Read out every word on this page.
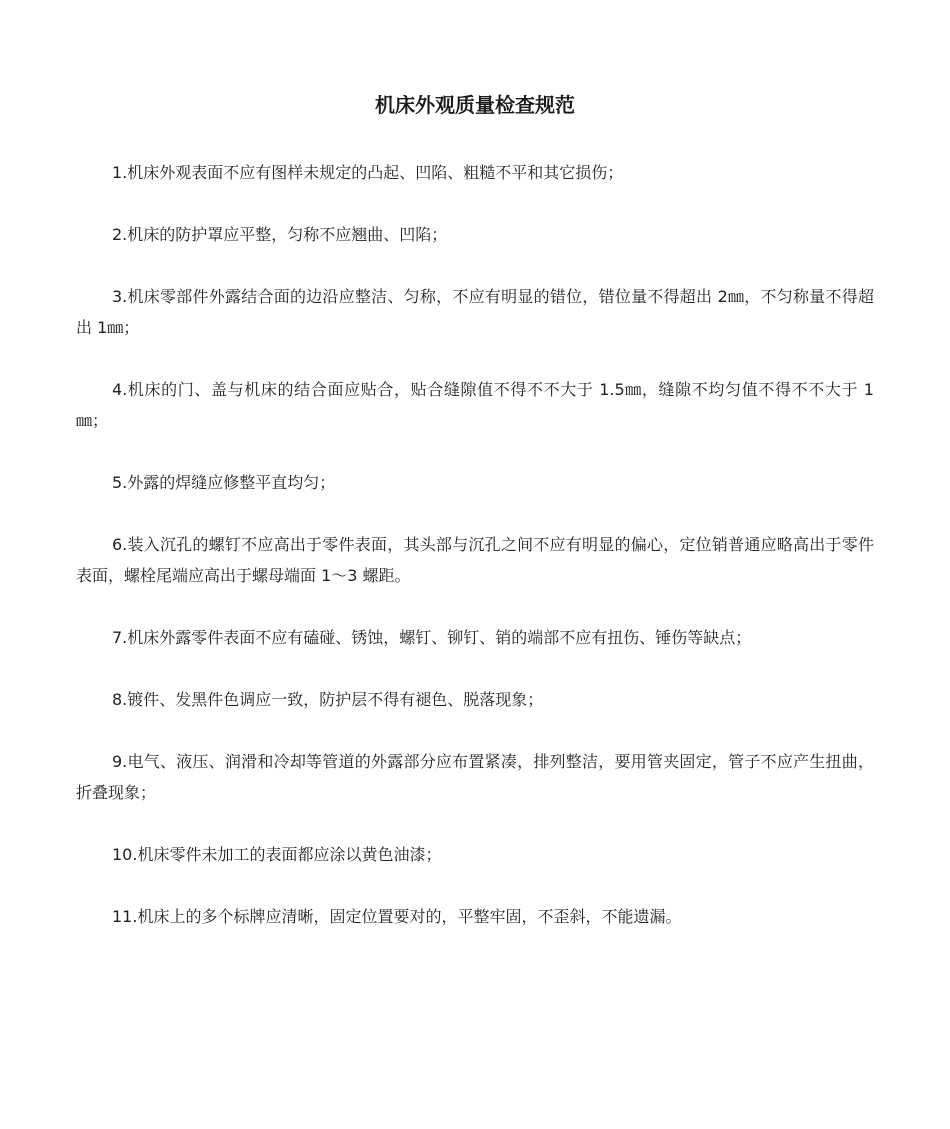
机床外观质量检查规范

1.机床外观表面不应有图样未规定的凸起、凹陷、粗糙不平和其它损伤；

2.机床的防护罩应平整，匀称不应翘曲、凹陷；

3.机床零部件外露结合面的边沿应整洁、匀称，不应有明显的错位，错位量不得超出 2㎜，不匀称量不得超出 1㎜；

4.机床的门、盖与机床的结合面应贴合，贴合缝隙值不得不不大于 1.5㎜，缝隙不均匀值不得不不大于 1㎜；

5.外露的焊缝应修整平直均匀；

6.装入沉孔的螺钉不应高出于零件表面，其头部与沉孔之间不应有明显的偏心，定位销普通应略高出于零件表面，螺栓尾端应高出于螺母端面 1～3 螺距。

7.机床外露零件表面不应有磕碰、锈蚀，螺钉、铆钉、销的端部不应有扭伤、锤伤等缺点；

8.镀件、发黑件色调应一致，防护层不得有褪色、脱落现象；

9.电气、液压、润滑和冷却等管道的外露部分应布置紧凑，排列整洁，要用管夹固定，管子不应产生扭曲，折叠现象；

10.机床零件未加工的表面都应涂以黄色油漆；

11.机床上的多个标牌应清晰，固定位置要对的，平整牢固，不歪斜，不能遗漏。
